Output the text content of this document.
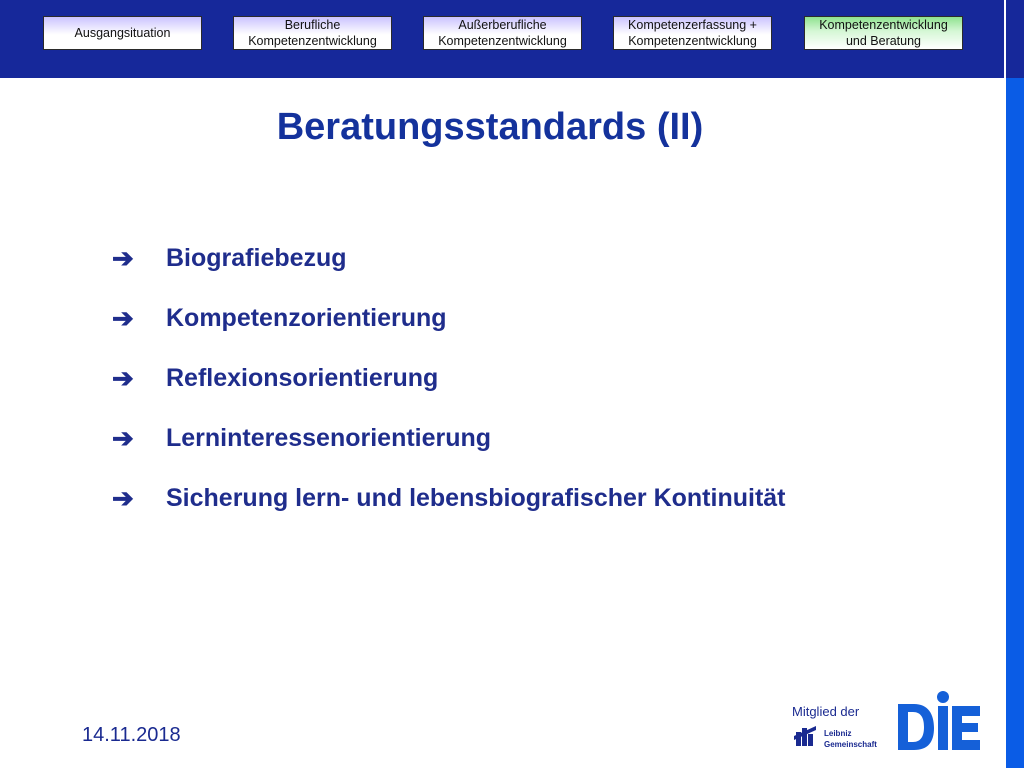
Ausgangsituation
Berufliche
Kompetenzentwicklung
Außerberufliche
Kompetenzentwicklung
Kompetenzerfassung +
Kompetenzentwicklung
Kompetenzentwicklung
und Beratung
Beratungsstandards (II)
➔	Biografiebezug
➔	Kompetenzorientierung
➔	Reflexionsorientierung
➔	Lerninteressenorientierung
➔	Sicherung lern- und lebensbiografischer Kontinuität
14.11.2018
Mitglied der
Leibniz
Gemeinschaft
